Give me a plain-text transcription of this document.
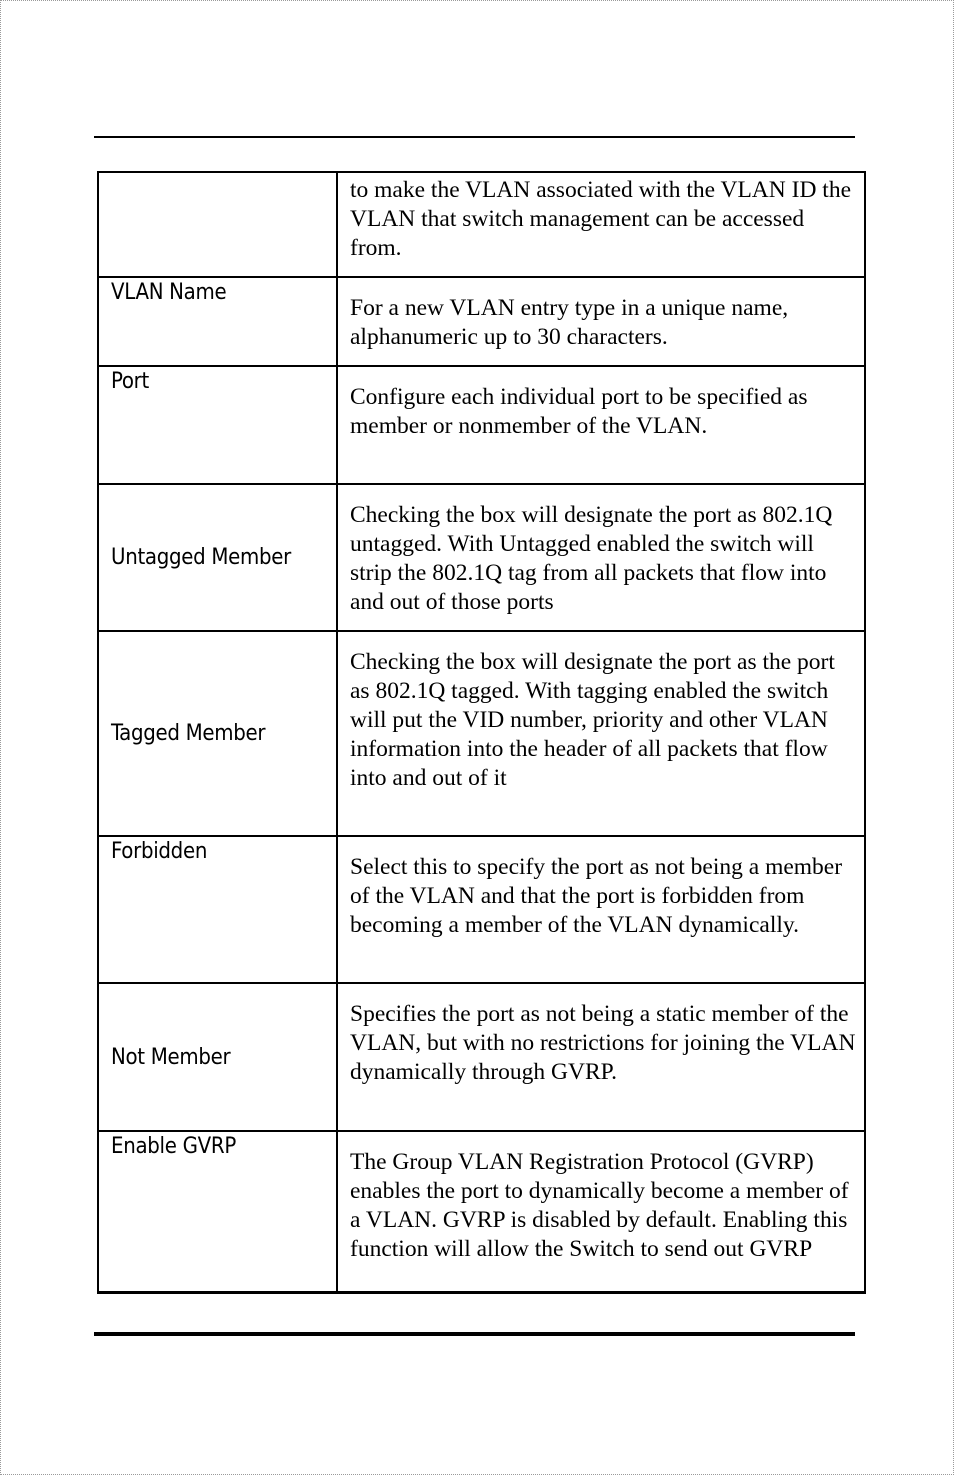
	to make the VLAN associated with the VLAN ID the VLAN that switch management can be accessed from.
VLAN Name	For a new VLAN entry type in a unique name, alphanumeric up to 30 characters.
Port	Configure each individual port to be specified as member or nonmember of the VLAN.
Untagged Member	Checking the box will designate the port as 802.1Q untagged. With Untagged enabled the switch will strip the 802.1Q tag from all packets that flow into and out of those ports
Tagged Member	Checking the box will designate the port as the port as 802.1Q tagged. With tagging enabled the switch will put the VID number, priority and other VLAN information into the header of all packets that flow into and out of it
Forbidden	Select this to specify the port as not being a member of the VLAN and that the port is forbidden from becoming a member of the VLAN dynamically.
Not Member	Specifies the port as not being a static member of the VLAN, but with no restrictions for joining the VLAN dynamically through GVRP.
Enable GVRP	The Group VLAN Registration Protocol (GVRP) enables the port to dynamically become a member of a VLAN. GVRP is disabled by default. Enabling this function will allow the Switch to send out GVRP
